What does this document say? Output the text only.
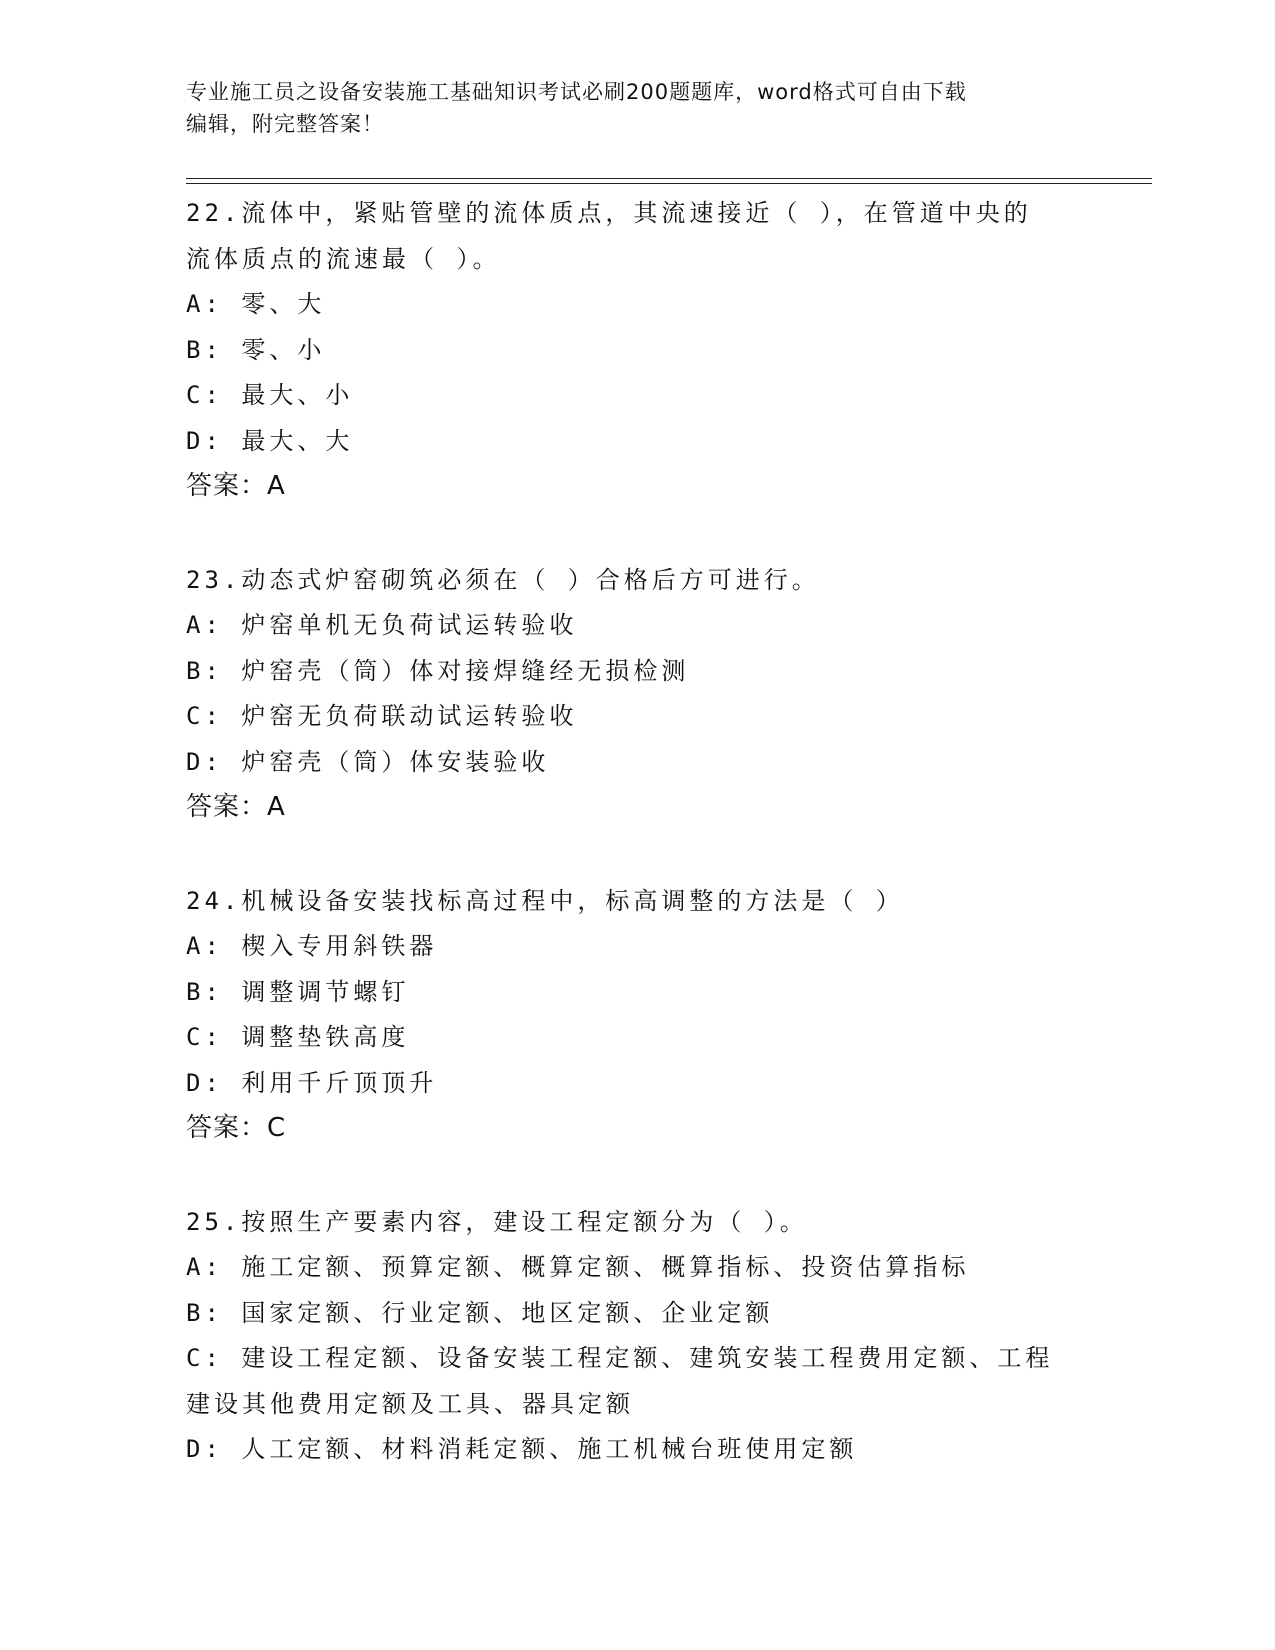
专业施工员之设备安装施工基础知识考试必刷200题题库，word格式可自由下载
编辑，附完整答案！

22.流体中，紧贴管壁的流体质点，其流速接近（ ），在管道中央的

流体质点的流速最（ ）。

A: 零、大

B: 零、小

C: 最大、小

D: 最大、大

答案：A

23.动态式炉窑砌筑必须在（ ）合格后方可进行。

A: 炉窑单机无负荷试运转验收

B: 炉窑壳（筒）体对接焊缝经无损检测

C: 炉窑无负荷联动试运转验收

D: 炉窑壳（筒）体安装验收

答案：A

24.机械设备安装找标高过程中，标高调整的方法是（ ）

A: 楔入专用斜铁器

B: 调整调节螺钉

C: 调整垫铁高度

D: 利用千斤顶顶升

答案：C

25.按照生产要素内容，建设工程定额分为（ ）。

A: 施工定额、预算定额、概算定额、概算指标、投资估算指标

B: 国家定额、行业定额、地区定额、企业定额

C: 建设工程定额、设备安装工程定额、建筑安装工程费用定额、工程

建设其他费用定额及工具、器具定额

D: 人工定额、材料消耗定额、施工机械台班使用定额
